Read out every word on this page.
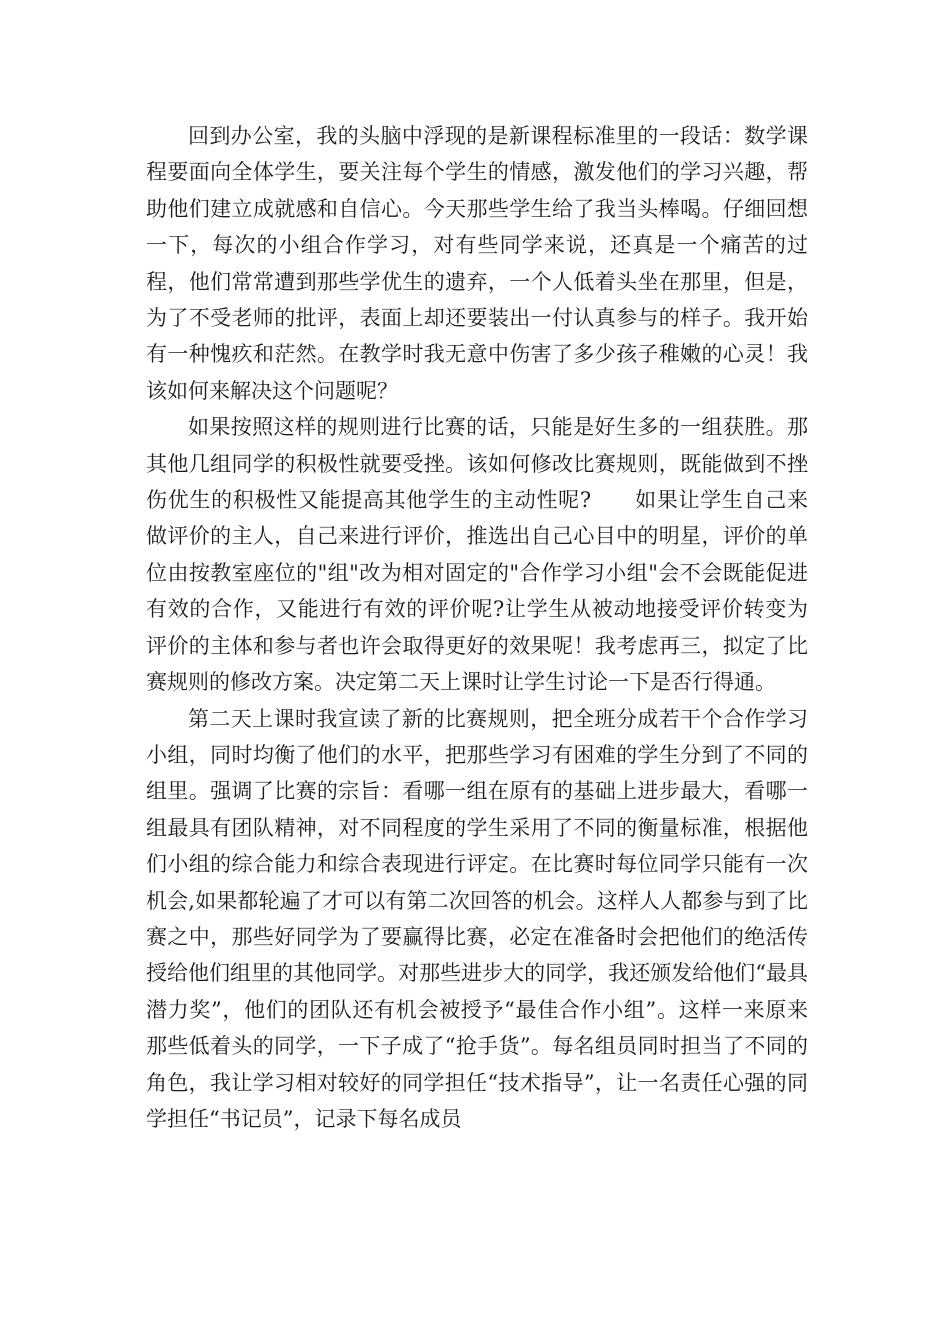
回到办公室，我的头脑中浮现的是新课程标准里的一段话：数学课程要面向全体学生，要关注每个学生的情感，激发他们的学习兴趣，帮助他们建立成就感和自信心。今天那些学生给了我当头棒喝。仔细回想一下，每次的小组合作学习，对有些同学来说，还真是一个痛苦的过程，他们常常遭到那些学优生的遗弃，一个人低着头坐在那里，但是，为了不受老师的批评，表面上却还要装出一付认真参与的样子。我开始有一种愧疚和茫然。在教学时我无意中伤害了多少孩子稚嫩的心灵！我该如何来解决这个问题呢？

如果按照这样的规则进行比赛的话，只能是好生多的一组获胜。那其他几组同学的积极性就要受挫。该如何修改比赛规则，既能做到不挫伤优生的积极性又能提高其他学生的主动性呢?　　如果让学生自己来做评价的主人，自己来进行评价，推选出自己心目中的明星，评价的单位由按教室座位的"组"改为相对固定的"合作学习小组"会不会既能促进有效的合作，又能进行有效的评价呢?让学生从被动地接受评价转变为评价的主体和参与者也许会取得更好的效果呢！我考虑再三，拟定了比赛规则的修改方案。决定第二天上课时让学生讨论一下是否行得通。

第二天上课时我宣读了新的比赛规则，把全班分成若干个合作学习小组，同时均衡了他们的水平，把那些学习有困难的学生分到了不同的组里。强调了比赛的宗旨：看哪一组在原有的基础上进步最大，看哪一组最具有团队精神，对不同程度的学生采用了不同的衡量标准，根据他们小组的综合能力和综合表现进行评定。在比赛时每位同学只能有一次机会,如果都轮遍了才可以有第二次回答的机会。这样人人都参与到了比赛之中，那些好同学为了要赢得比赛，必定在准备时会把他们的绝活传授给他们组里的其他同学。对那些进步大的同学，我还颁发给他们“最具潜力奖”，他们的团队还有机会被授予“最佳合作小组”。这样一来原来那些低着头的同学，一下子成了“抢手货”。每名组员同时担当了不同的角色，我让学习相对较好的同学担任“技术指导”，让一名责任心强的同学担任“书记员”，记录下每名成员
